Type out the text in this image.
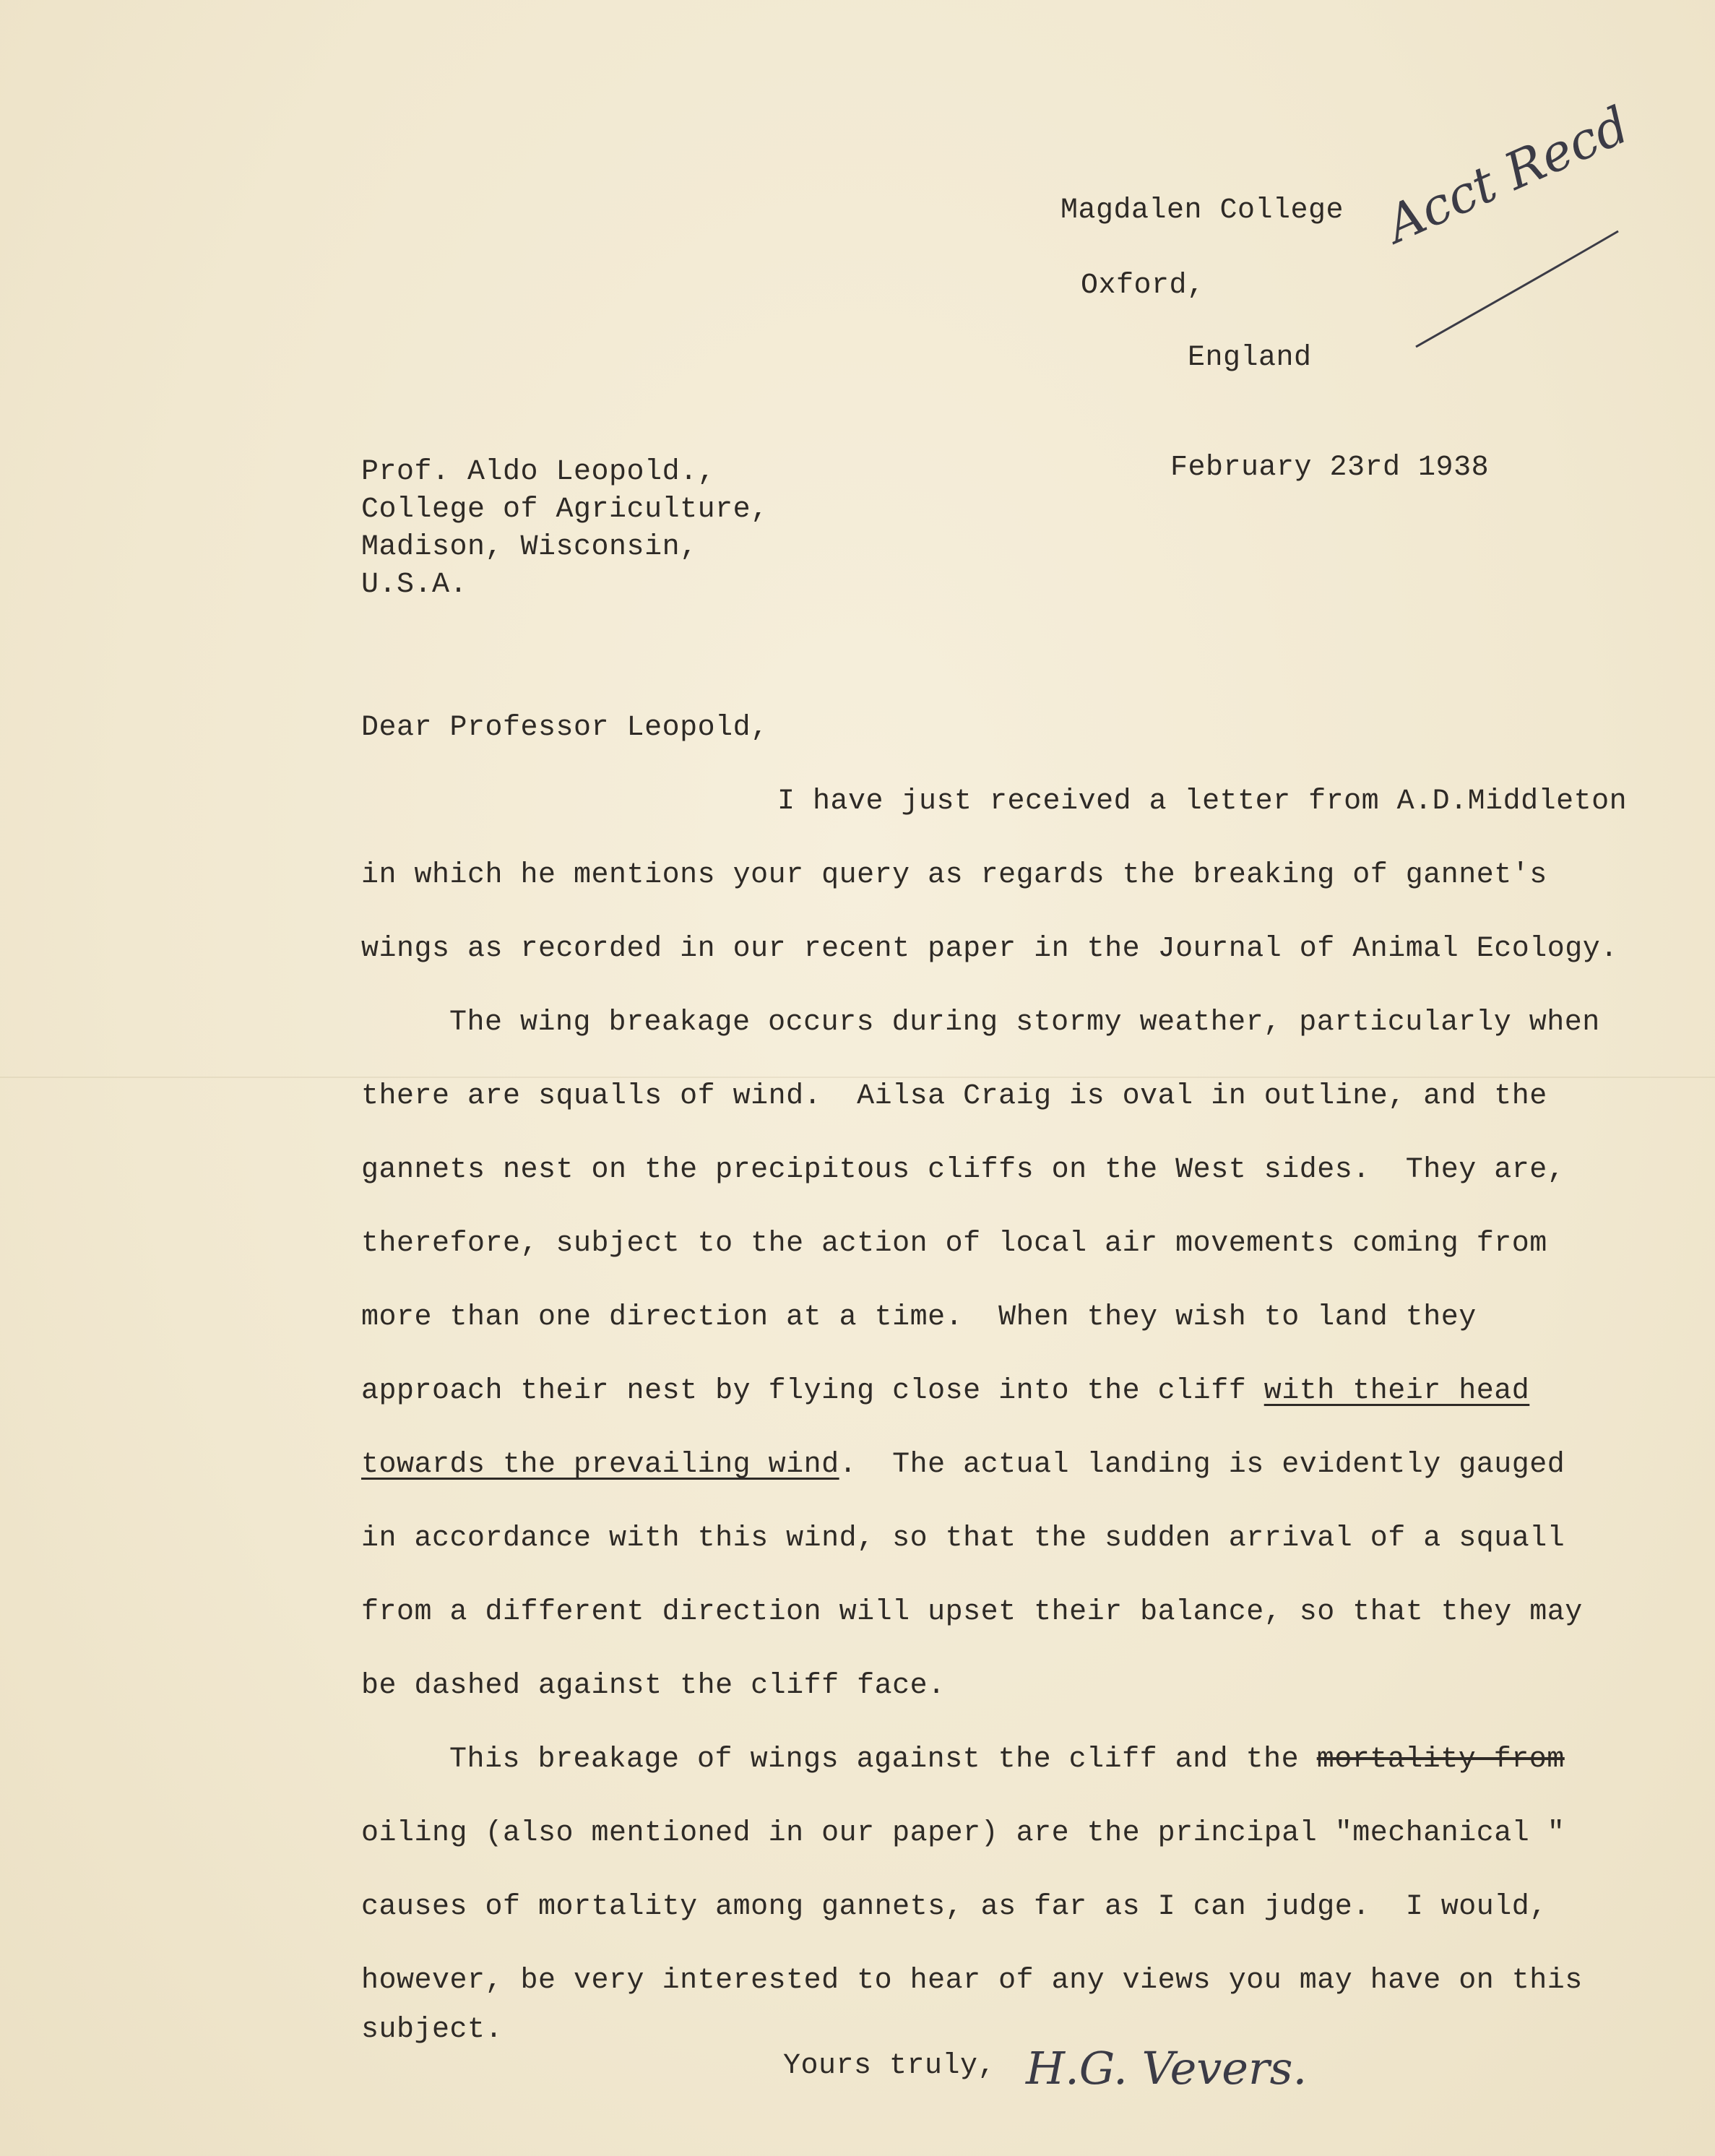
Magdalen College
Oxford,
England
Acct Recd
February 23rd 1938
Prof. Aldo Leopold.,
College of Agriculture,
Madison, Wisconsin,
U.S.A.
Dear Professor Leopold,
I have just received a letter from A.D.Middleton
in which he mentions your query as regards the breaking of gannet's
wings as recorded in our recent paper in the Journal of Animal Ecology.
The wing breakage occurs during stormy weather, particularly when
there are squalls of wind.  Ailsa Craig is oval in outline, and the
gannets nest on the precipitous cliffs on the West sides.  They are,
therefore, subject to the action of local air movements coming from
more than one direction at a time.  When they wish to land they
approach their nest by flying close into the cliff with their head
towards the prevailing wind.  The actual landing is evidently gauged
in accordance with this wind, so that the sudden arrival of a squall
from a different direction will upset their balance, so that they may
be dashed against the cliff face.
This breakage of wings against the cliff and the mortality from
oiling (also mentioned in our paper) are the principal "mechanical "
causes of mortality among gannets, as far as I can judge.  I would,
however, be very interested to hear of any views you may have on this
subject.
Yours truly, H.G. Vevers.
